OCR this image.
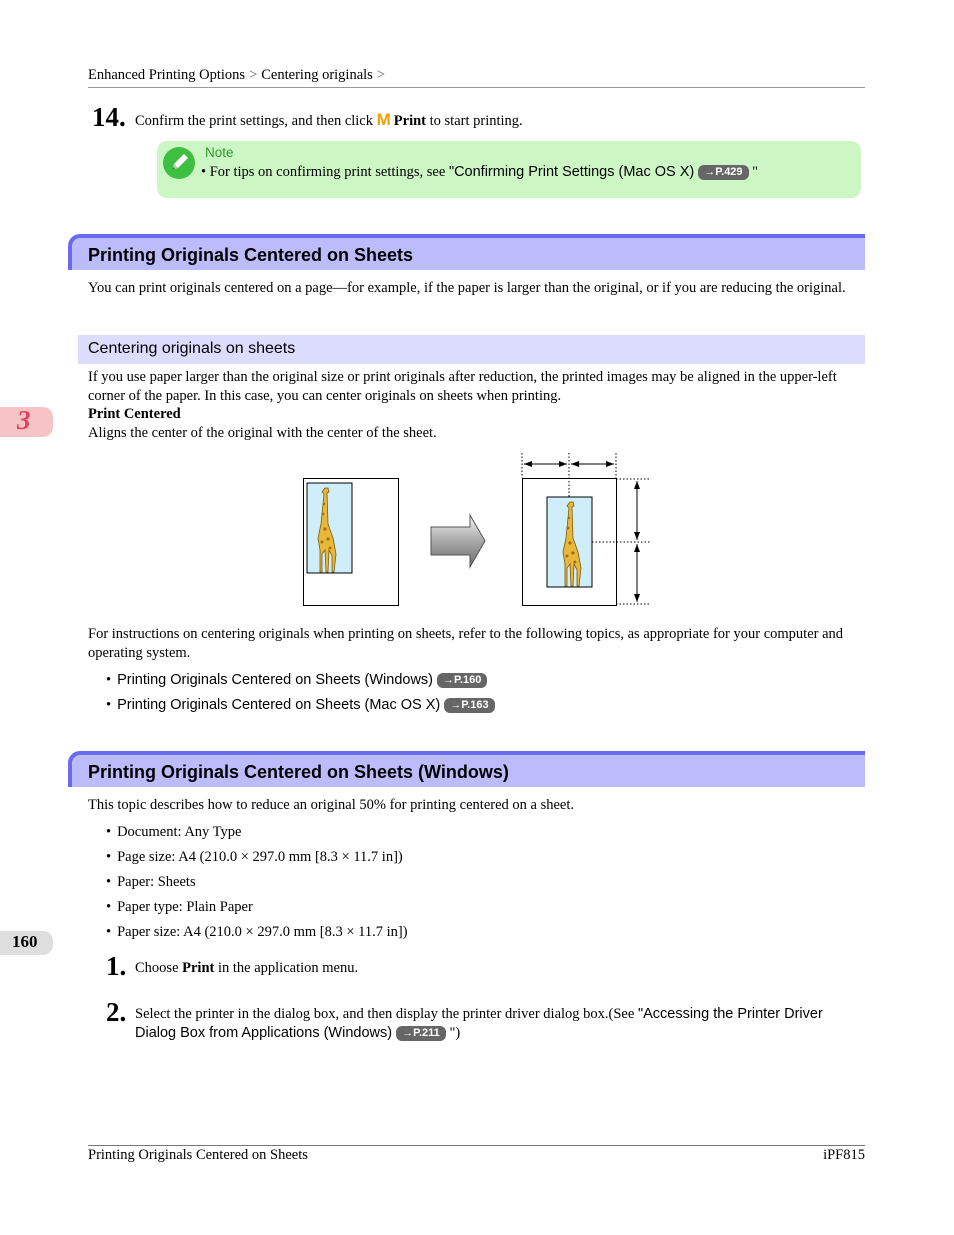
Enhanced Printing Options > Centering originals >
14. Confirm the print settings, and then click M Print to start printing.
Note
• For tips on confirming print settings, see "Confirming Print Settings (Mac OS X) →P.429 "
Printing Originals Centered on Sheets
You can print originals centered on a page—for example, if the paper is larger than the original, or if you are reducing the original.
Centering originals on sheets
If you use paper larger than the original size or print originals after reduction, the printed images may be aligned in the upper-left corner of the paper. In this case, you can center originals on sheets when printing.
Print Centered
Aligns the center of the original with the center of the sheet.
For instructions on centering originals when printing on sheets, refer to the following topics, as appropriate for your computer and operating system.
• Printing Originals Centered on Sheets (Windows) →P.160
• Printing Originals Centered on Sheets (Mac OS X) →P.163
Printing Originals Centered on Sheets (Windows)
This topic describes how to reduce an original 50% for printing centered on a sheet.
• Document: Any Type
• Page size: A4 (210.0 × 297.0 mm [8.3 × 11.7 in])
• Paper: Sheets
• Paper type: Plain Paper
• Paper size: A4 (210.0 × 297.0 mm [8.3 × 11.7 in])
1. Choose Print in the application menu.
2. Select the printer in the dialog box, and then display the printer driver dialog box.(See "Accessing the Printer Driver Dialog Box from Applications (Windows) →P.211 ")
3
160
Printing Originals Centered on Sheets	iPF815
